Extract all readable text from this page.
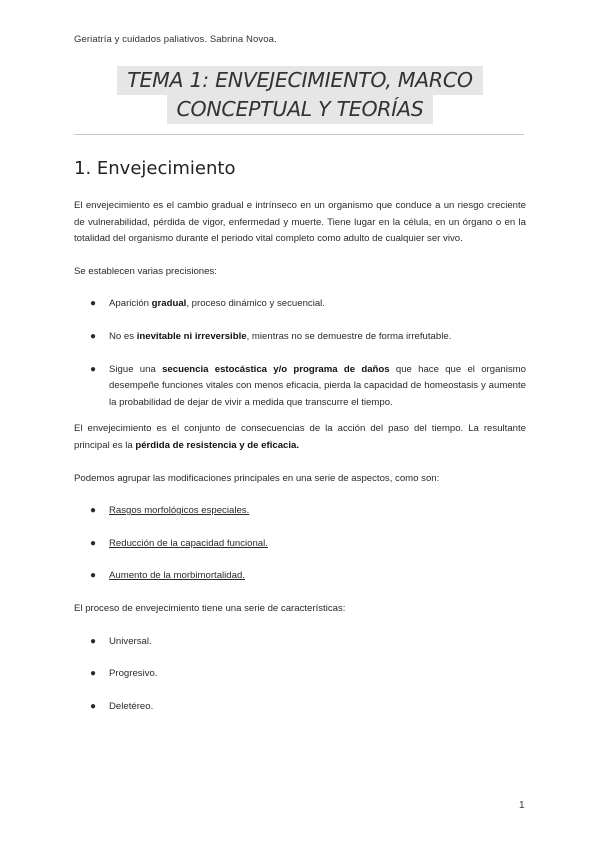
Geriatría y cuidados paliativos. Sabrina Novoa.
TEMA 1: ENVEJECIMIENTO, MARCO
CONCEPTUAL Y TEORÍAS
1. Envejecimiento

El envejecimiento es el cambio gradual e intrínseco en un organismo que conduce a un riesgo creciente de vulnerabilidad, pérdida de vigor, enfermedad y muerte. Tiene lugar en la célula, en un órgano o en la totalidad del organismo durante el periodo vital completo como adulto de cualquier ser vivo.

Se establecen varias precisiones:

● Aparición gradual, proceso dinámico y secuencial.
● No es inevitable ni irreversible, mientras no se demuestre de forma irrefutable.
● Sigue una secuencia estocástica y/o programa de daños que hace que el organismo desempeñe funciones vitales con menos eficacia, pierda la capacidad de homeostasis y aumente la probabilidad de dejar de vivir a medida que transcurre el tiempo.

El envejecimiento es el conjunto de consecuencias de la acción del paso del tiempo. La resultante principal es la pérdida de resistencia y de eficacia.

Podemos agrupar las modificaciones principales en una serie de aspectos, como son:

● Rasgos morfológicos especiales.
● Reducción de la capacidad funcional.
● Aumento de la morbimortalidad.

El proceso de envejecimiento tiene una serie de características:

● Universal.
● Progresivo.
● Deletéreo.
1
